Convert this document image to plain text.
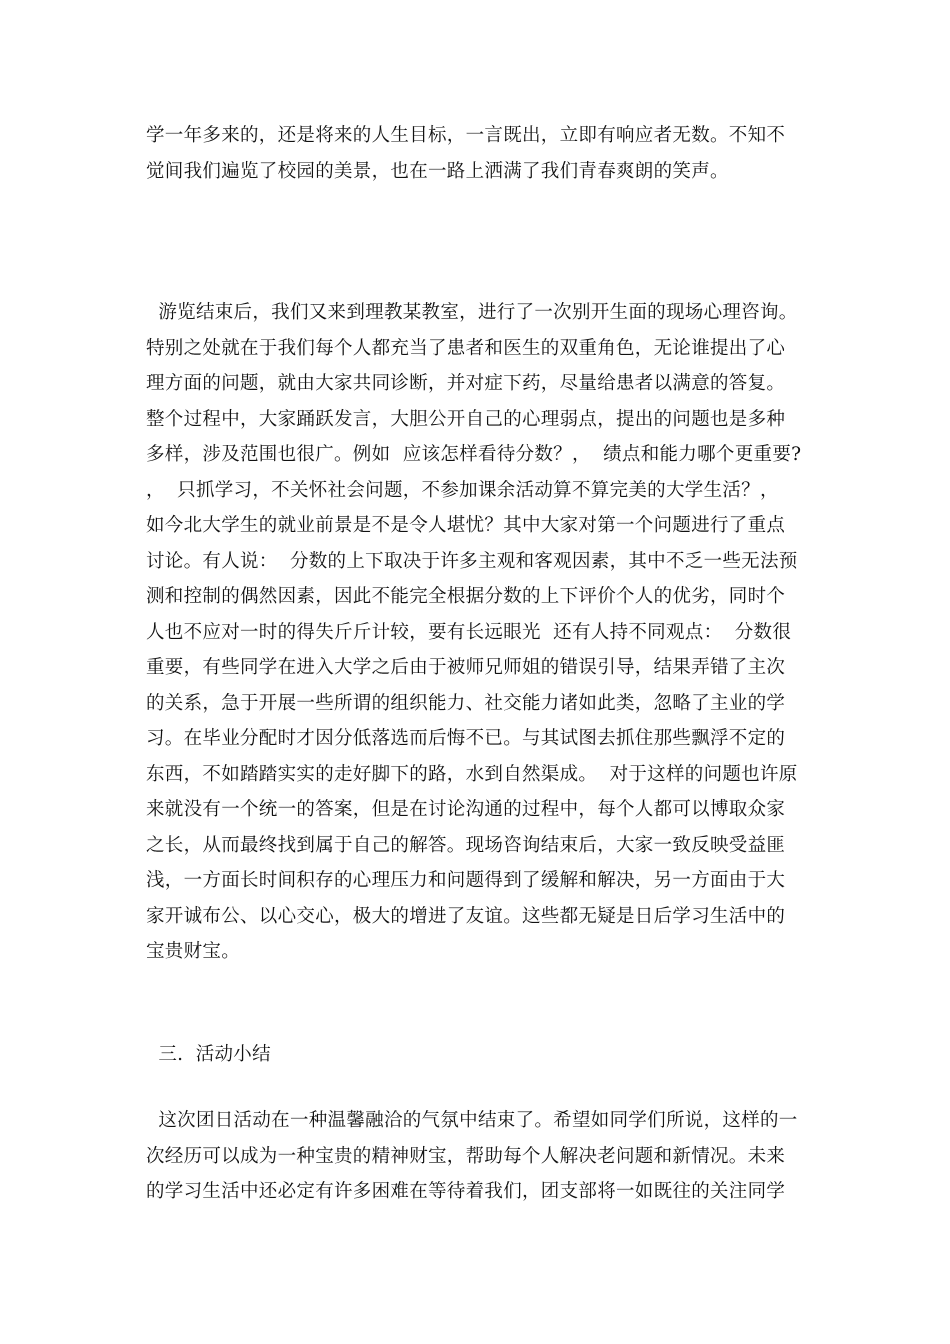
学一年多来的，还是将来的人生目标，一言既出，立即有响应者无数。不知不
觉间我们遍览了校园的美景，也在一路上洒满了我们青春爽朗的笑声。
游览结束后，我们又来到理教某教室，进行了一次别开生面的现场心理咨询。
特别之处就在于我们每个人都充当了患者和医生的双重角色，无论谁提出了心
理方面的问题，就由大家共同诊断，并对症下药，尽量给患者以满意的答复。
整个过程中，大家踊跃发言，大胆公开自己的心理弱点，提出的问题也是多种
多样，涉及范围也很广。例如  应该怎样看待分数？，  绩点和能力哪个更重要?
，  只抓学习，不关怀社会问题，不参加课余活动算不算完美的大学生活？，
如今北大学生的就业前景是不是令人堪忧？其中大家对第一个问题进行了重点
讨论。有人说：  分数的上下取决于许多主观和客观因素，其中不乏一些无法预
测和控制的偶然因素，因此不能完全根据分数的上下评价个人的优劣，同时个
人也不应对一时的得失斤斤计较，要有长远眼光  还有人持不同观点：  分数很
重要，有些同学在进入大学之后由于被师兄师姐的错误引导，结果弄错了主次
的关系，急于开展一些所谓的组织能力、社交能力诸如此类，忽略了主业的学
习。在毕业分配时才因分低落选而后悔不已。与其试图去抓住那些飘浮不定的
东西，不如踏踏实实的走好脚下的路，水到自然渠成。  对于这样的问题也许原
来就没有一个统一的答案，但是在讨论沟通的过程中，每个人都可以博取众家
之长，从而最终找到属于自己的解答。现场咨询结束后，大家一致反映受益匪
浅，一方面长时间积存的心理压力和问题得到了缓解和解决，另一方面由于大
家开诚布公、以心交心，极大的增进了友谊。这些都无疑是日后学习生活中的
宝贵财宝。
三.  活动小结
这次团日活动在一种温馨融洽的气氛中结束了。希望如同学们所说，这样的一
次经历可以成为一种宝贵的精神财宝，帮助每个人解决老问题和新情况。未来
的学习生活中还必定有许多困难在等待着我们，团支部将一如既往的关注同学
